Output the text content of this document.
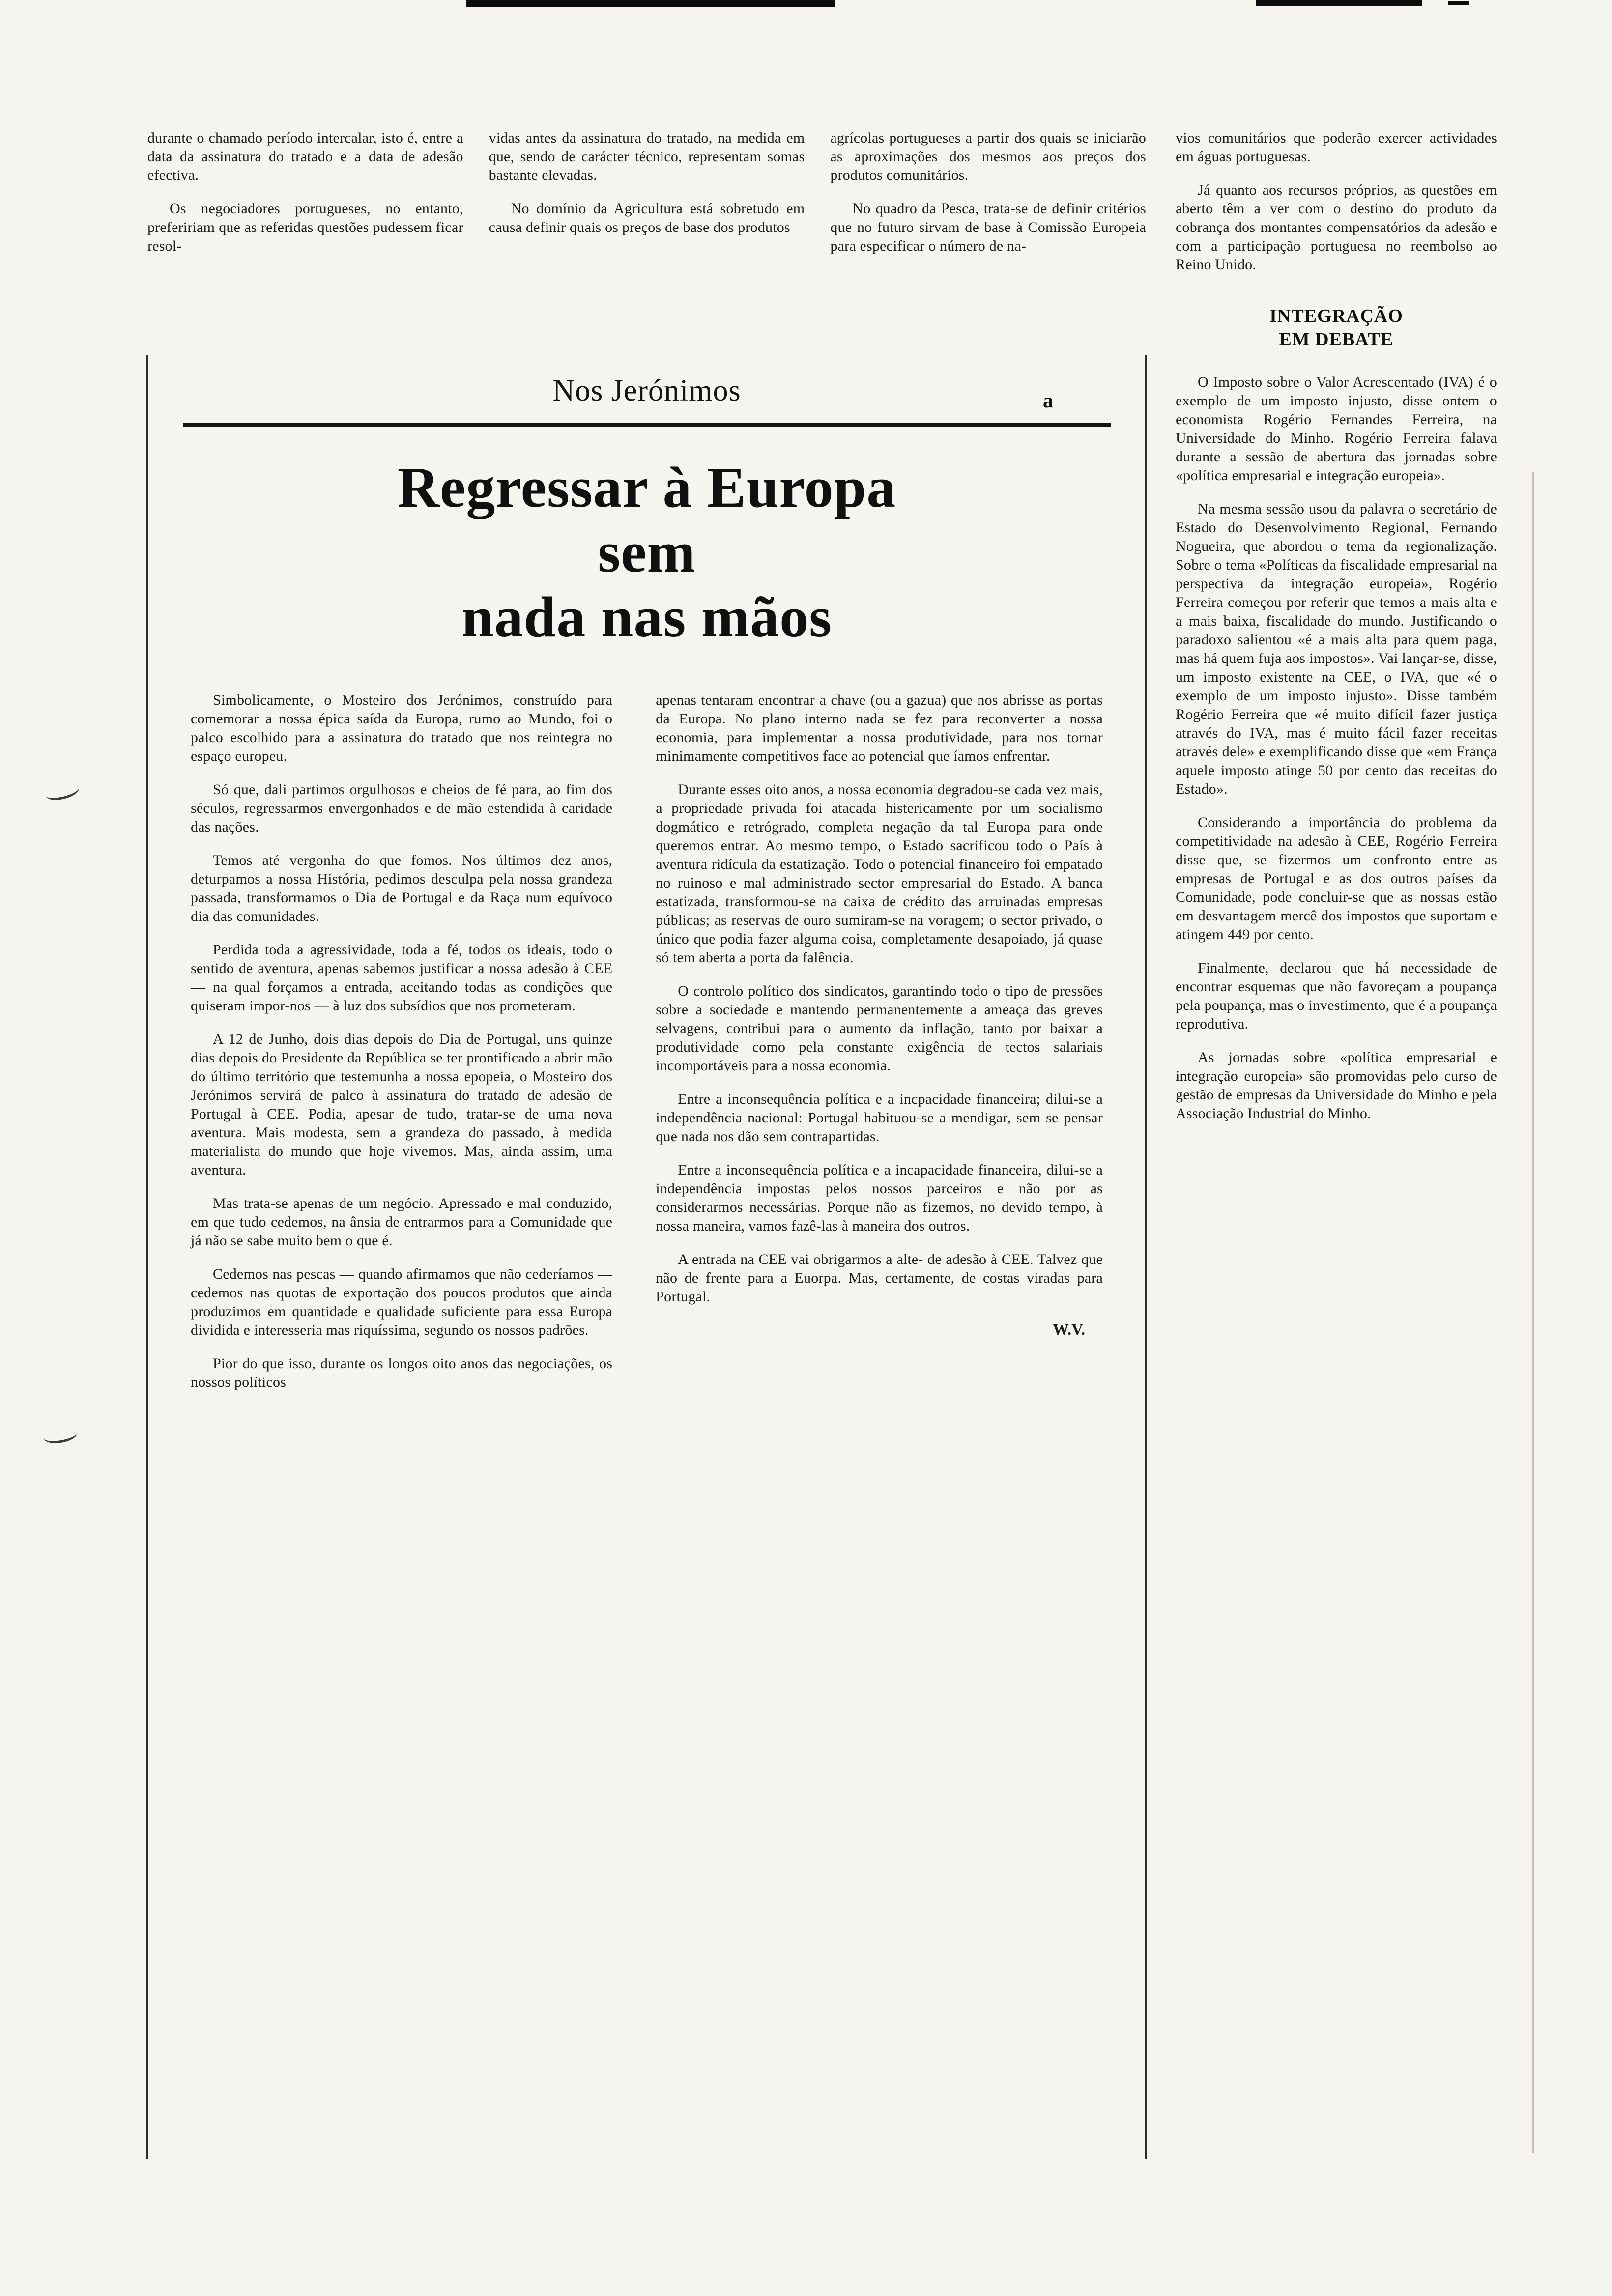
a

durante o chamado período intercalar, isto é, entre a data da assinatura do tratado e a data de adesão efectiva.

Os negociadores portugueses, no entanto, prefeririam que as referidas questões pudessem ficar resol-

vidas antes da assinatura do tratado, na medida em que, sendo de carácter técnico, representam somas bastante elevadas.

No domínio da Agricultura está sobretudo em causa definir quais os preços de base dos produtos

agrícolas portugueses a partir dos quais se iniciarão as aproximações dos mesmos aos preços dos produtos comunitários.

No quadro da Pesca, trata-se de definir critérios que no futuro sirvam de base à Comissão Europeia para especificar o número de na-

Nos Jerónimos
Regressar à Europa
sem
nada nas mãos

Simbolicamente, o Mosteiro dos Jerónimos, construído para comemorar a nossa épica saída da Europa, rumo ao Mundo, foi o palco escolhido para a assinatura do tratado que nos reintegra no espaço europeu.

Só que, dali partimos orgulhosos e cheios de fé para, ao fim dos séculos, regressarmos envergonhados e de mão estendida à caridade das nações.

Temos até vergonha do que fomos. Nos últimos dez anos, deturpamos a nossa História, pedimos desculpa pela nossa grandeza passada, transformamos o Dia de Portugal e da Raça num equívoco dia das comunidades.

Perdida toda a agressividade, toda a fé, todos os ideais, todo o sentido de aventura, apenas sabemos justificar a nossa adesão à CEE — na qual forçamos a entrada, aceitando todas as condições que quiseram impor-nos — à luz dos subsídios que nos prometeram.

A 12 de Junho, dois dias depois do Dia de Portugal, uns quinze dias depois do Presidente da República se ter prontificado a abrir mão do último território que testemunha a nossa epopeia, o Mosteiro dos Jerónimos servirá de palco à assinatura do tratado de adesão de Portugal à CEE. Podia, apesar de tudo, tratar-se de uma nova aventura. Mais modesta, sem a grandeza do passado, à medida materialista do mundo que hoje vivemos. Mas, ainda assim, uma aventura.

Mas trata-se apenas de um negócio. Apressado e mal conduzido, em que tudo cedemos, na ânsia de entrarmos para a Comunidade que já não se sabe muito bem o que é.

Cedemos nas pescas — quando afirmamos que não cederíamos — cedemos nas quotas de exportação dos poucos produtos que ainda produzimos em quantidade e qualidade suficiente para essa Europa dividida e interesseria mas riquíssima, segundo os nossos padrões.

Pior do que isso, durante os longos oito anos das negociações, os nossos políticos

apenas tentaram encontrar a chave (ou a gazua) que nos abrisse as portas da Europa. No plano interno nada se fez para reconverter a nossa economia, para implementar a nossa produtividade, para nos tornar minimamente competitivos face ao potencial que íamos enfrentar.

Durante esses oito anos, a nossa economia degradou-se cada vez mais, a propriedade privada foi atacada histericamente por um socialismo dogmático e retrógrado, completa negação da tal Europa para onde queremos entrar. Ao mesmo tempo, o Estado sacrificou todo o País à aventura ridícula da estatização. Todo o potencial financeiro foi empatado no ruinoso e mal administrado sector empresarial do Estado. A banca estatizada, transformou-se na caixa de crédito das arruinadas empresas públicas; as reservas de ouro sumiram-se na voragem; o sector privado, o único que podia fazer alguma coisa, completamente desapoiado, já quase só tem aberta a porta da falência.

O controlo político dos sindicatos, garantindo todo o tipo de pressões sobre a sociedade e mantendo permanentemente a ameaça das greves selvagens, contribui para o aumento da inflação, tanto por baixar a produtividade como pela constante exigência de tectos salariais incomportáveis para a nossa economia.

Entre a inconsequência política e a incpacidade financeira; dilui-se a independência nacional: Portugal habituou-se a mendigar, sem se pensar que nada nos dão sem contrapartidas.

Entre a inconsequência política e a incapacidade financeira, dilui-se a independência impostas pelos nossos parceiros e não por as considerarmos necessárias. Porque não as fizemos, no devido tempo, à nossa maneira, vamos fazê-las à maneira dos outros.

A entrada na CEE vai obrigarmos a alte- de adesão à CEE. Talvez que não de frente para a Euorpa. Mas, certamente, de costas viradas para Portugal.

W.V.

vios comunitários que poderão exercer actividades em águas portuguesas.

Já quanto aos recursos próprios, as questões em aberto têm a ver com o destino do produto da cobrança dos montantes compensatórios da adesão e com a participação portuguesa no reembolso ao Reino Unido.

INTEGRAÇÃO
EM DEBATE

O Imposto sobre o Valor Acrescentado (IVA) é o exemplo de um imposto injusto, disse ontem o economista Rogério Fernandes Ferreira, na Universidade do Minho. Rogério Ferreira falava durante a sessão de abertura das jornadas sobre «política empresarial e integração europeia».

Na mesma sessão usou da palavra o secretário de Estado do Desenvolvimento Regional, Fernando Nogueira, que abordou o tema da regionalização. Sobre o tema «Políticas da fiscalidade empresarial na perspectiva da integração europeia», Rogério Ferreira começou por referir que temos a mais alta e a mais baixa, fiscalidade do mundo. Justificando o paradoxo salientou «é a mais alta para quem paga, mas há quem fuja aos impostos». Vai lançar-se, disse, um imposto existente na CEE, o IVA, que «é o exemplo de um imposto injusto». Disse também Rogério Ferreira que «é muito difícil fazer justiça através do IVA, mas é muito fácil fazer receitas através dele» e exemplificando disse que «em França aquele imposto atinge 50 por cento das receitas do Estado».

Considerando a importância do problema da competitividade na adesão à CEE, Rogério Ferreira disse que, se fizermos um confronto entre as empresas de Portugal e as dos outros países da Comunidade, pode concluir-se que as nossas estão em desvantagem mercê dos impostos que suportam e atingem 449 por cento.

Finalmente, declarou que há necessidade de encontrar esquemas que não favoreçam a poupança pela poupança, mas o investimento, que é a poupança reprodutiva.

As jornadas sobre «política empresarial e integração europeia» são promovidas pelo curso de gestão de empresas da Universidade do Minho e pela Associação Industrial do Minho.
